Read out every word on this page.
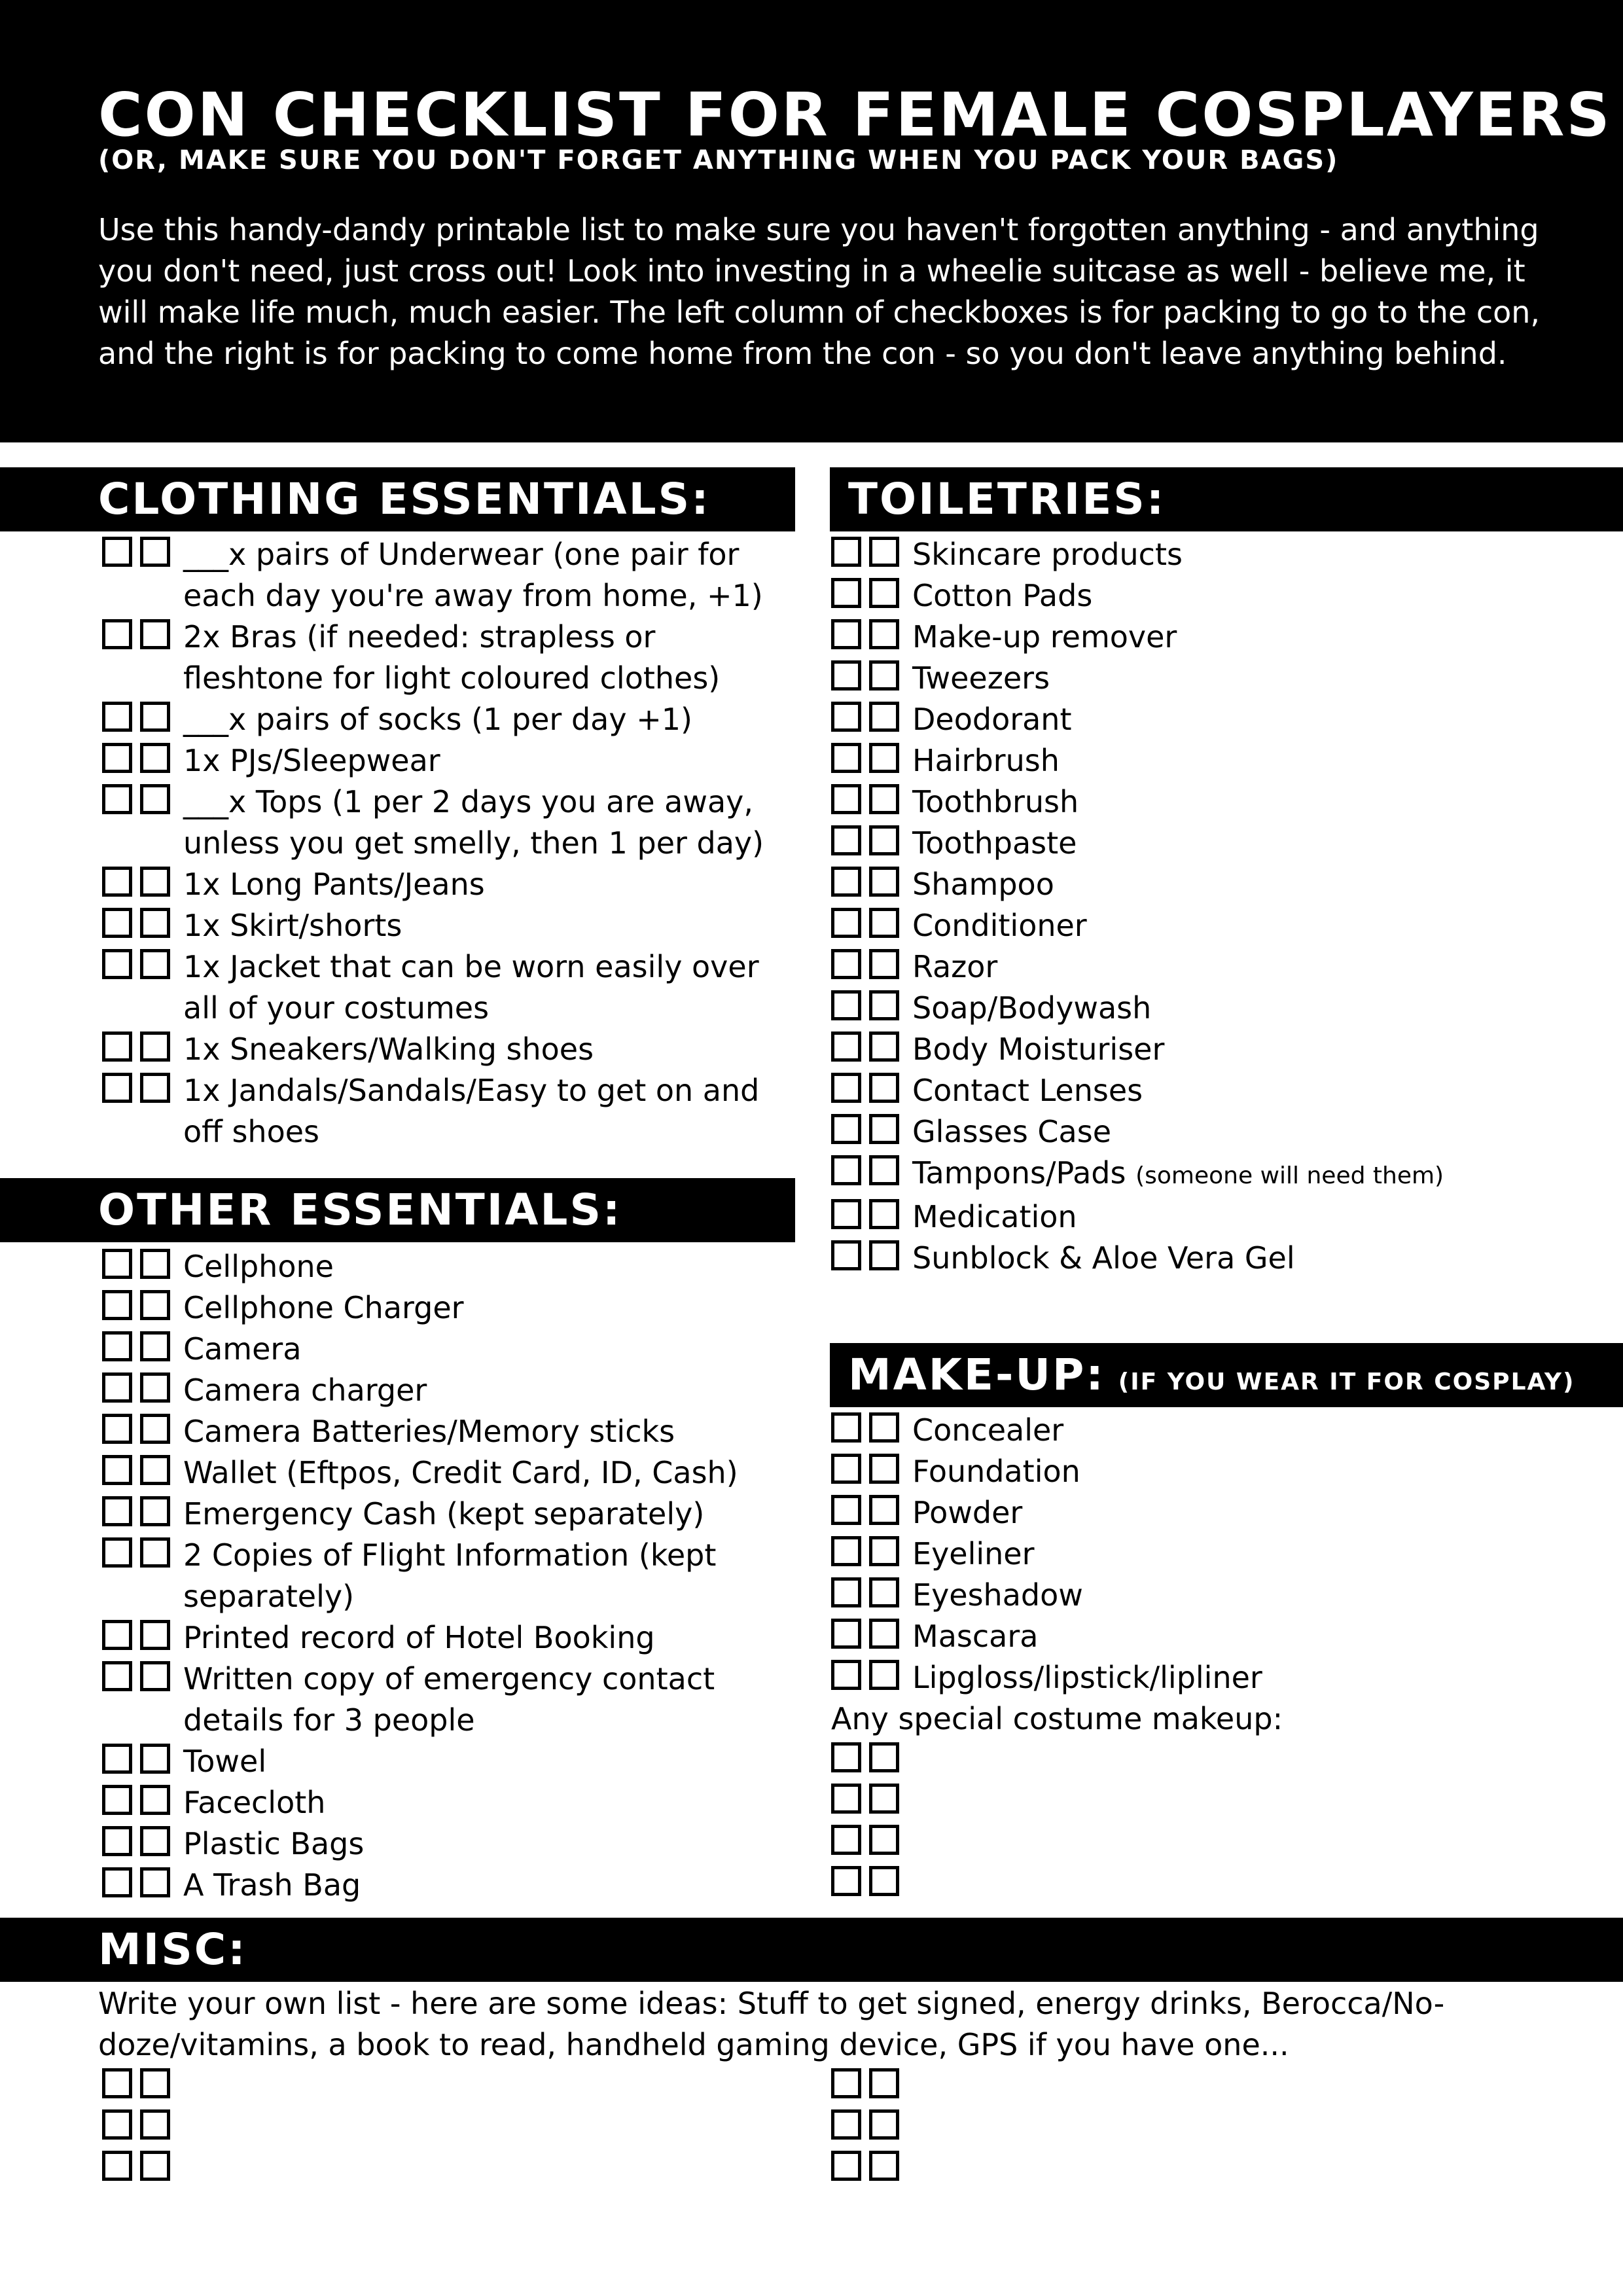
CON CHECKLIST FOR FEMALE COSPLAYERS
(OR, MAKE SURE YOU DON'T FORGET ANYTHING WHEN YOU PACK YOUR BAGS)
Use this handy-dandy printable list to make sure you haven't forgotten anything - and anything you don't need, just cross out! Look into investing in a wheelie suitcase as well - believe me, it will make life much, much easier. The left column of checkboxes is for packing to go to the con, and the right is for packing to come home from the con - so you don't leave anything behind.
CLOTHING ESSENTIALS:
___x pairs of Underwear (one pair for each day you're away from home, +1)
2x Bras (if needed: strapless or fleshtone for light coloured clothes)
___x pairs of socks (1 per day +1)
1x PJs/Sleepwear
___x Tops (1 per 2 days you are away, unless you get smelly, then 1 per day)
1x Long Pants/Jeans
1x Skirt/shorts
1x Jacket that can be worn easily over all of your costumes
1x Sneakers/Walking shoes
1x Jandals/Sandals/Easy to get on and off shoes
OTHER ESSENTIALS:
Cellphone
Cellphone Charger
Camera
Camera charger
Camera Batteries/Memory sticks
Wallet (Eftpos, Credit Card, ID, Cash)
Emergency Cash (kept separately)
2 Copies of Flight Information (kept separately)
Printed record of Hotel Booking
Written copy of emergency contact details for 3 people
Towel
Facecloth
Plastic Bags
A Trash Bag
TOILETRIES:
Skincare products
Cotton Pads
Make-up remover
Tweezers
Deodorant
Hairbrush
Toothbrush
Toothpaste
Shampoo
Conditioner
Razor
Soap/Bodywash
Body Moisturiser
Contact Lenses
Glasses Case
Tampons/Pads (someone will need them)
Medication
Sunblock & Aloe Vera Gel
MAKE-UP: (IF YOU WEAR IT FOR COSPLAY)
Concealer
Foundation
Powder
Eyeliner
Eyeshadow
Mascara
Lipgloss/lipstick/lipliner
Any special costume makeup:
MISC:
Write your own list - here are some ideas: Stuff to get signed, energy drinks, Berocca/No-doze/vitamins, a book to read, handheld gaming device, GPS if you have one...
